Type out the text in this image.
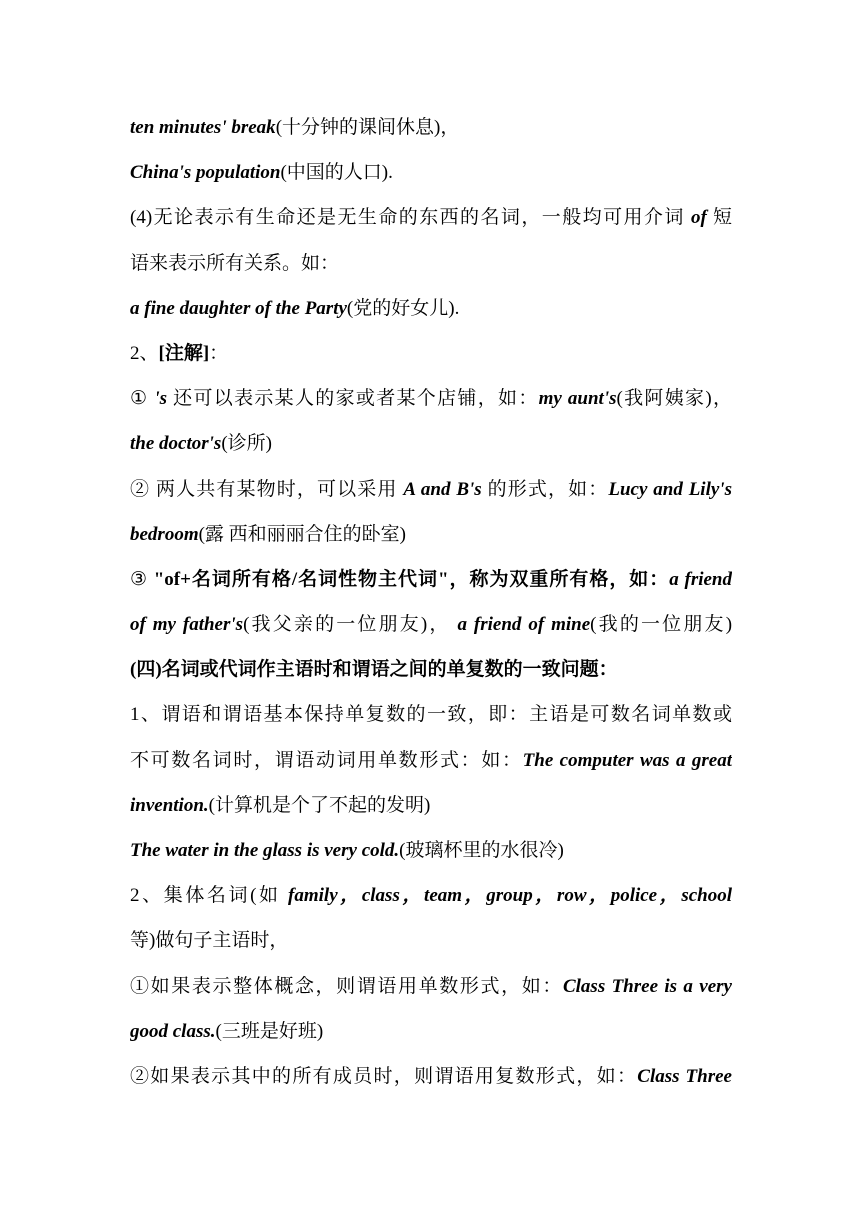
ten minutes' break(十分钟的课间休息)，
China's population(中国的人口).
(4)无论表示有生命还是无生命的东西的名词，一般均可用介词 of 短
语来表示所有关系。如：
a fine daughter of the Party(党的好女儿).
2、[注解]：
① 's 还可以表示某人的家或者某个店铺，如：my aunt's(我阿姨家)，
the doctor's(诊所)
② 两人共有某物时，可以采用 A and B's 的形式，如：Lucy and Lily's
bedroom(露 西和丽丽合住的卧室)
③ "of+名词所有格/名词性物主代词"，称为双重所有格，如：a friend
of my father's(我父亲的一位朋友)， a friend of mine(我的一位朋友)
(四)名词或代词作主语时和谓语之间的单复数的一致问题：
1、谓语和谓语基本保持单复数的一致，即：主语是可数名词单数或
不可数名词时，谓语动词用单数形式：如：The computer was a great
invention.(计算机是个了不起的发明)
The water in the glass is very cold.(玻璃杯里的水很冷)
2、集体名词(如 family，class，team，group，row，police，school
等)做句子主语时，
①如果表示整体概念，则谓语用单数形式，如：Class Three is a very
good class.(三班是好班)
②如果表示其中的所有成员时，则谓语用复数形式，如：Class Three
